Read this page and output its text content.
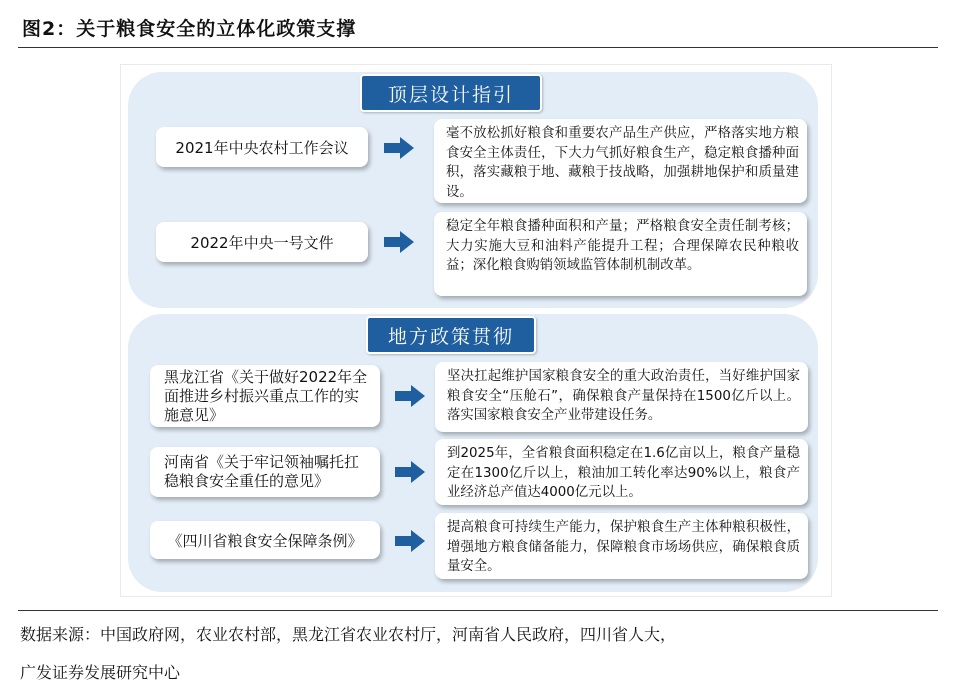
图2：关于粮食安全的立体化政策支撑
顶层设计指引
2021年中央农村工作会议
毫不放松抓好粮食和重要农产品生产供应，严格落实地方粮食安全主体责任，下大力气抓好粮食生产，稳定粮食播种面积，落实藏粮于地、藏粮于技战略，加强耕地保护和质量建设。
2022年中央一号文件
稳定全年粮食播种面积和产量；严格粮食安全责任制考核；大力实施大豆和油料产能提升工程；合理保障农民种粮收益；深化粮食购销领域监管体制机制改革。
地方政策贯彻
黑龙江省《关于做好2022年全面推进乡村振兴重点工作的实施意见》
坚决扛起维护国家粮食安全的重大政治责任，当好维护国家粮食安全“压舱石”，确保粮食产量保持在1500亿斤以上。落实国家粮食安全产业带建设任务。
河南省《关于牢记领袖嘱托扛稳粮食安全重任的意见》
到2025年，全省粮食面积稳定在1.6亿亩以上，粮食产量稳定在1300亿斤以上，粮油加工转化率达90%以上，粮食产业经济总产值达4000亿元以上。
《四川省粮食安全保障条例》
提高粮食可持续生产能力，保护粮食生产主体种粮积极性，增强地方粮食储备能力，保障粮食市场场供应，确保粮食质量安全。
数据来源：中国政府网，农业农村部，黑龙江省农业农村厅，河南省人民政府，四川省人大，
广发证券发展研究中心
